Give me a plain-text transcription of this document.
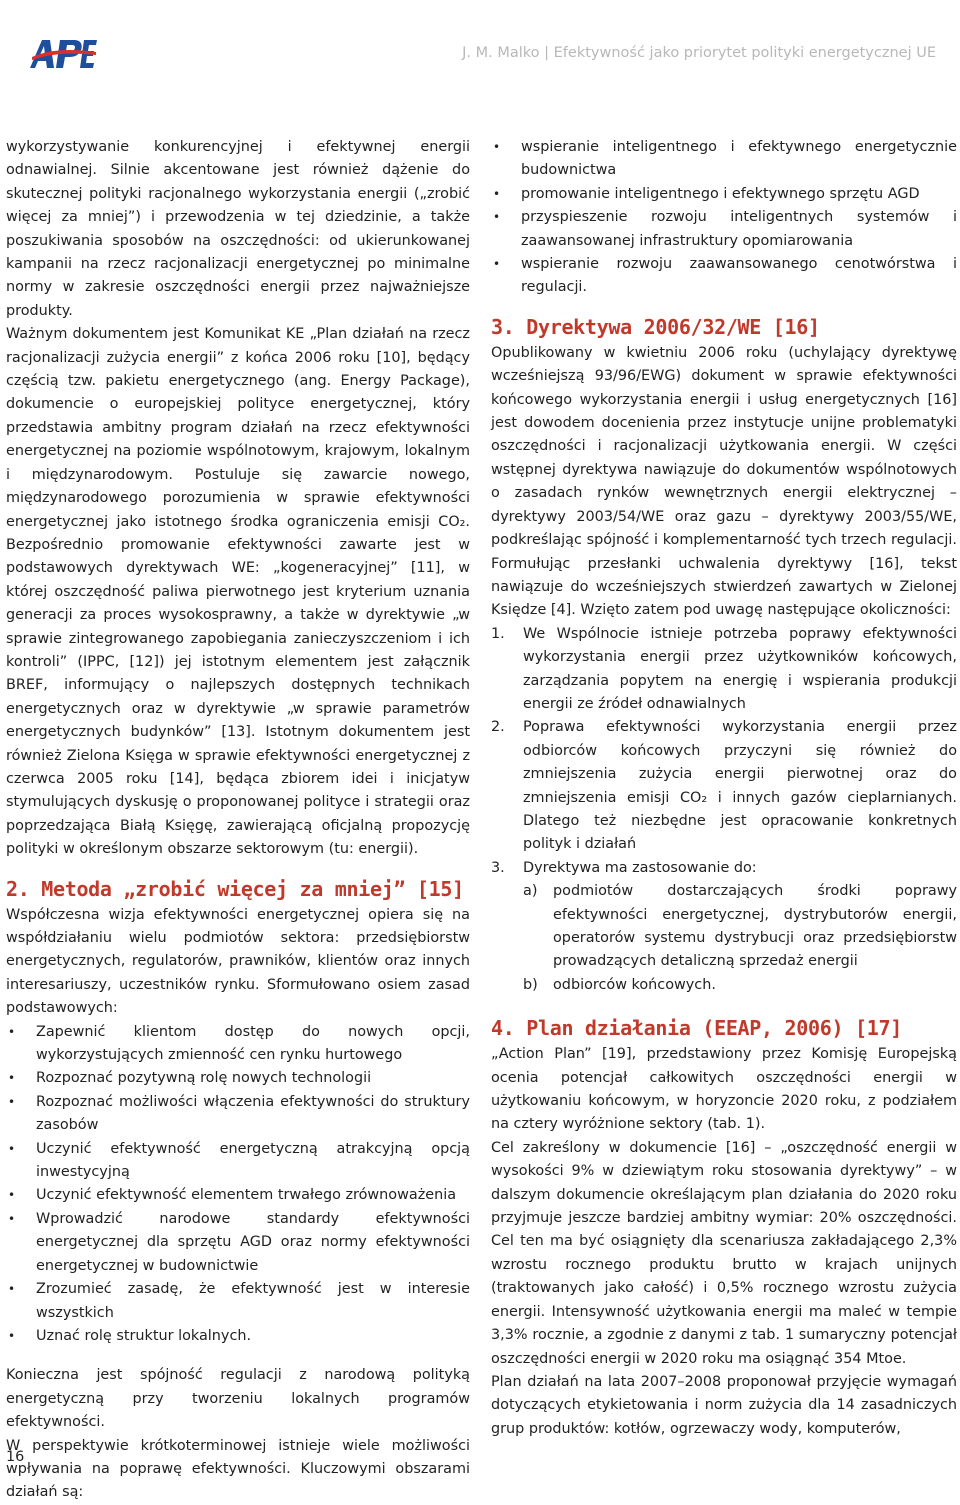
J. M. Malko | Efektywność jako priorytet polityki energetycznej UE

wykorzystywanie konkurencyjnej i efektywnej energii odnawialnej. Silnie akcentowane jest również dążenie do skutecznej polityki racjonalnego wykorzystania energii („zrobić więcej za mniej”) i przewodzenia w tej dziedzinie, a także poszukiwania sposobów na oszczędności: od ukierunkowanej kampanii na rzecz racjonalizacji energetycznej po minimalne normy w zakresie oszczędności energii przez najważniejsze produkty.

Ważnym dokumentem jest Komunikat KE „Plan działań na rzecz racjonalizacji zużycia energii” z końca 2006 roku [10], będący częścią tzw. pakietu energetycznego (ang. Energy Package), dokumencie o europejskiej polityce energetycznej, który przedstawia ambitny program działań na rzecz efektywności energetycznej na poziomie wspólnotowym, krajowym, lokalnym i międzynarodowym. Postuluje się zawarcie nowego, międzynarodowego porozumienia w sprawie efektywności energetycznej jako istotnego środka ograniczenia emisji CO₂. Bezpośrednio promowanie efektywności zawarte jest w podstawowych dyrektywach WE: „kogeneracyjnej” [11], w której oszczędność paliwa pierwotnego jest kryterium uznania generacji za proces wysokosprawny, a także w dyrektywie „w sprawie zintegrowanego zapobiegania zanieczyszczeniom i ich kontroli” (IPPC, [12]) jej istotnym elementem jest załącznik BREF, informujący o najlepszych dostępnych technikach energetycznych oraz w dyrektywie „w sprawie parametrów energetycznych budynków” [13]. Istotnym dokumentem jest również Zielona Księga w sprawie efektywności energetycznej z czerwca 2005 roku [14], będąca zbiorem idei i inicjatyw stymulujących dyskusję o proponowanej polityce i strategii oraz poprzedzająca Białą Księgę, zawierającą oficjalną propozycję polityki w określonym obszarze sektorowym (tu: energii).

2. Metoda „zrobić więcej za mniej” [15]

Współczesna wizja efektywności energetycznej opiera się na współdziałaniu wielu podmiotów sektora: przedsiębiorstw energetycznych, regulatorów, prawników, klientów oraz innych interesariuszy, uczestników rynku. Sformułowano osiem zasad podstawowych:

• Zapewnić klientom dostęp do nowych opcji, wykorzystujących zmienność cen rynku hurtowego
• Rozpoznać pozytywną rolę nowych technologii
• Rozpoznać możliwości włączenia efektywności do struktury zasobów
• Uczynić efektywność energetyczną atrakcyjną opcją inwestycyjną
• Uczynić efektywność elementem trwałego zrównoważenia
• Wprowadzić narodowe standardy efektywności energetycznej dla sprzętu AGD oraz normy efektywności energetycznej w budownictwie
• Zrozumieć zasadę, że efektywność jest w interesie wszystkich
• Uznać rolę struktur lokalnych.

Konieczna jest spójność regulacji z narodową polityką energetyczną przy tworzeniu lokalnych programów efektywności.

W perspektywie krótkoterminowej istnieje wiele możliwości wpływania na poprawę efektywności. Kluczowymi obszarami działań są:

• wspieranie inteligentnego i efektywnego energetycznie budownictwa
• promowanie inteligentnego i efektywnego sprzętu AGD
• przyspieszenie rozwoju inteligentnych systemów i zaawansowanej infrastruktury opomiarowania
• wspieranie rozwoju zaawansowanego cenotwórstwa i regulacji.
3. Dyrektywa 2006/32/WE [16]

Opublikowany w kwietniu 2006 roku (uchylający dyrektywę wcześniejszą 93/96/EWG) dokument w sprawie efektywności końcowego wykorzystania energii i usług energetycznych [16] jest dowodem docenienia przez instytucje unijne problematyki oszczędności i racjonalizacji użytkowania energii. W części wstępnej dyrektywa nawiązuje do dokumentów wspólnotowych o zasadach rynków wewnętrznych energii elektrycznej – dyrektywy 2003/54/WE oraz gazu – dyrektywy 2003/55/WE, podkreślając spójność i komplementarność tych trzech regulacji. Formułując przesłanki uchwalenia dyrektywy [16], tekst nawiązuje do wcześniejszych stwierdzeń zawartych w Zielonej Księdze [4]. Wzięto zatem pod uwagę następujące okoliczności:

1. We Wspólnocie istnieje potrzeba poprawy efektywności wykorzystania energii przez użytkowników końcowych, zarządzania popytem na energię i wspierania produkcji energii ze źródeł odnawialnych
2. Poprawa efektywności wykorzystania energii przez odbiorców końcowych przyczyni się również do zmniejszenia zużycia energii pierwotnej oraz do zmniejszenia emisji CO₂ i innych gazów cieplarnianych. Dlatego też niezbędne jest opracowanie konkretnych polityk i działań
3. Dyrektywa ma zastosowanie do:
a) podmiotów dostarczających środki poprawy efektywności energetycznej, dystrybutorów energii, operatorów systemu dystrybucji oraz przedsiębiorstw prowadzących detaliczną sprzedaż energii
b) odbiorców końcowych.
4. Plan działania (EEAP, 2006) [17]

„Action Plan” [19], przedstawiony przez Komisję Europejską ocenia potencjał całkowitych oszczędności energii w użytkowaniu końcowym, w horyzoncie 2020 roku, z podziałem na cztery wyróżnione sektory (tab. 1).

Cel zakreślony w dokumencie [16] – „oszczędność energii w wysokości 9% w dziewiątym roku stosowania dyrektywy” – w dalszym dokumencie określającym plan działania do 2020 roku przyjmuje jeszcze bardziej ambitny wymiar: 20% oszczędności. Cel ten ma być osiągnięty dla scenariusza zakładającego 2,3% wzrostu rocznego produktu brutto w krajach unijnych (traktowanych jako całość) i 0,5% rocznego wzrostu zużycia energii. Intensywność użytkowania energii ma maleć w tempie 3,3% rocznie, a zgodnie z danymi z tab. 1 sumaryczny potencjał oszczędności energii w 2020 roku ma osiągnąć 354 Mtoe.

Plan działań na lata 2007–2008 proponował przyjęcie wymagań dotyczących etykietowania i norm zużycia dla 14 zasadniczych grup produktów: kotłów, ogrzewaczy wody, komputerów,

16
